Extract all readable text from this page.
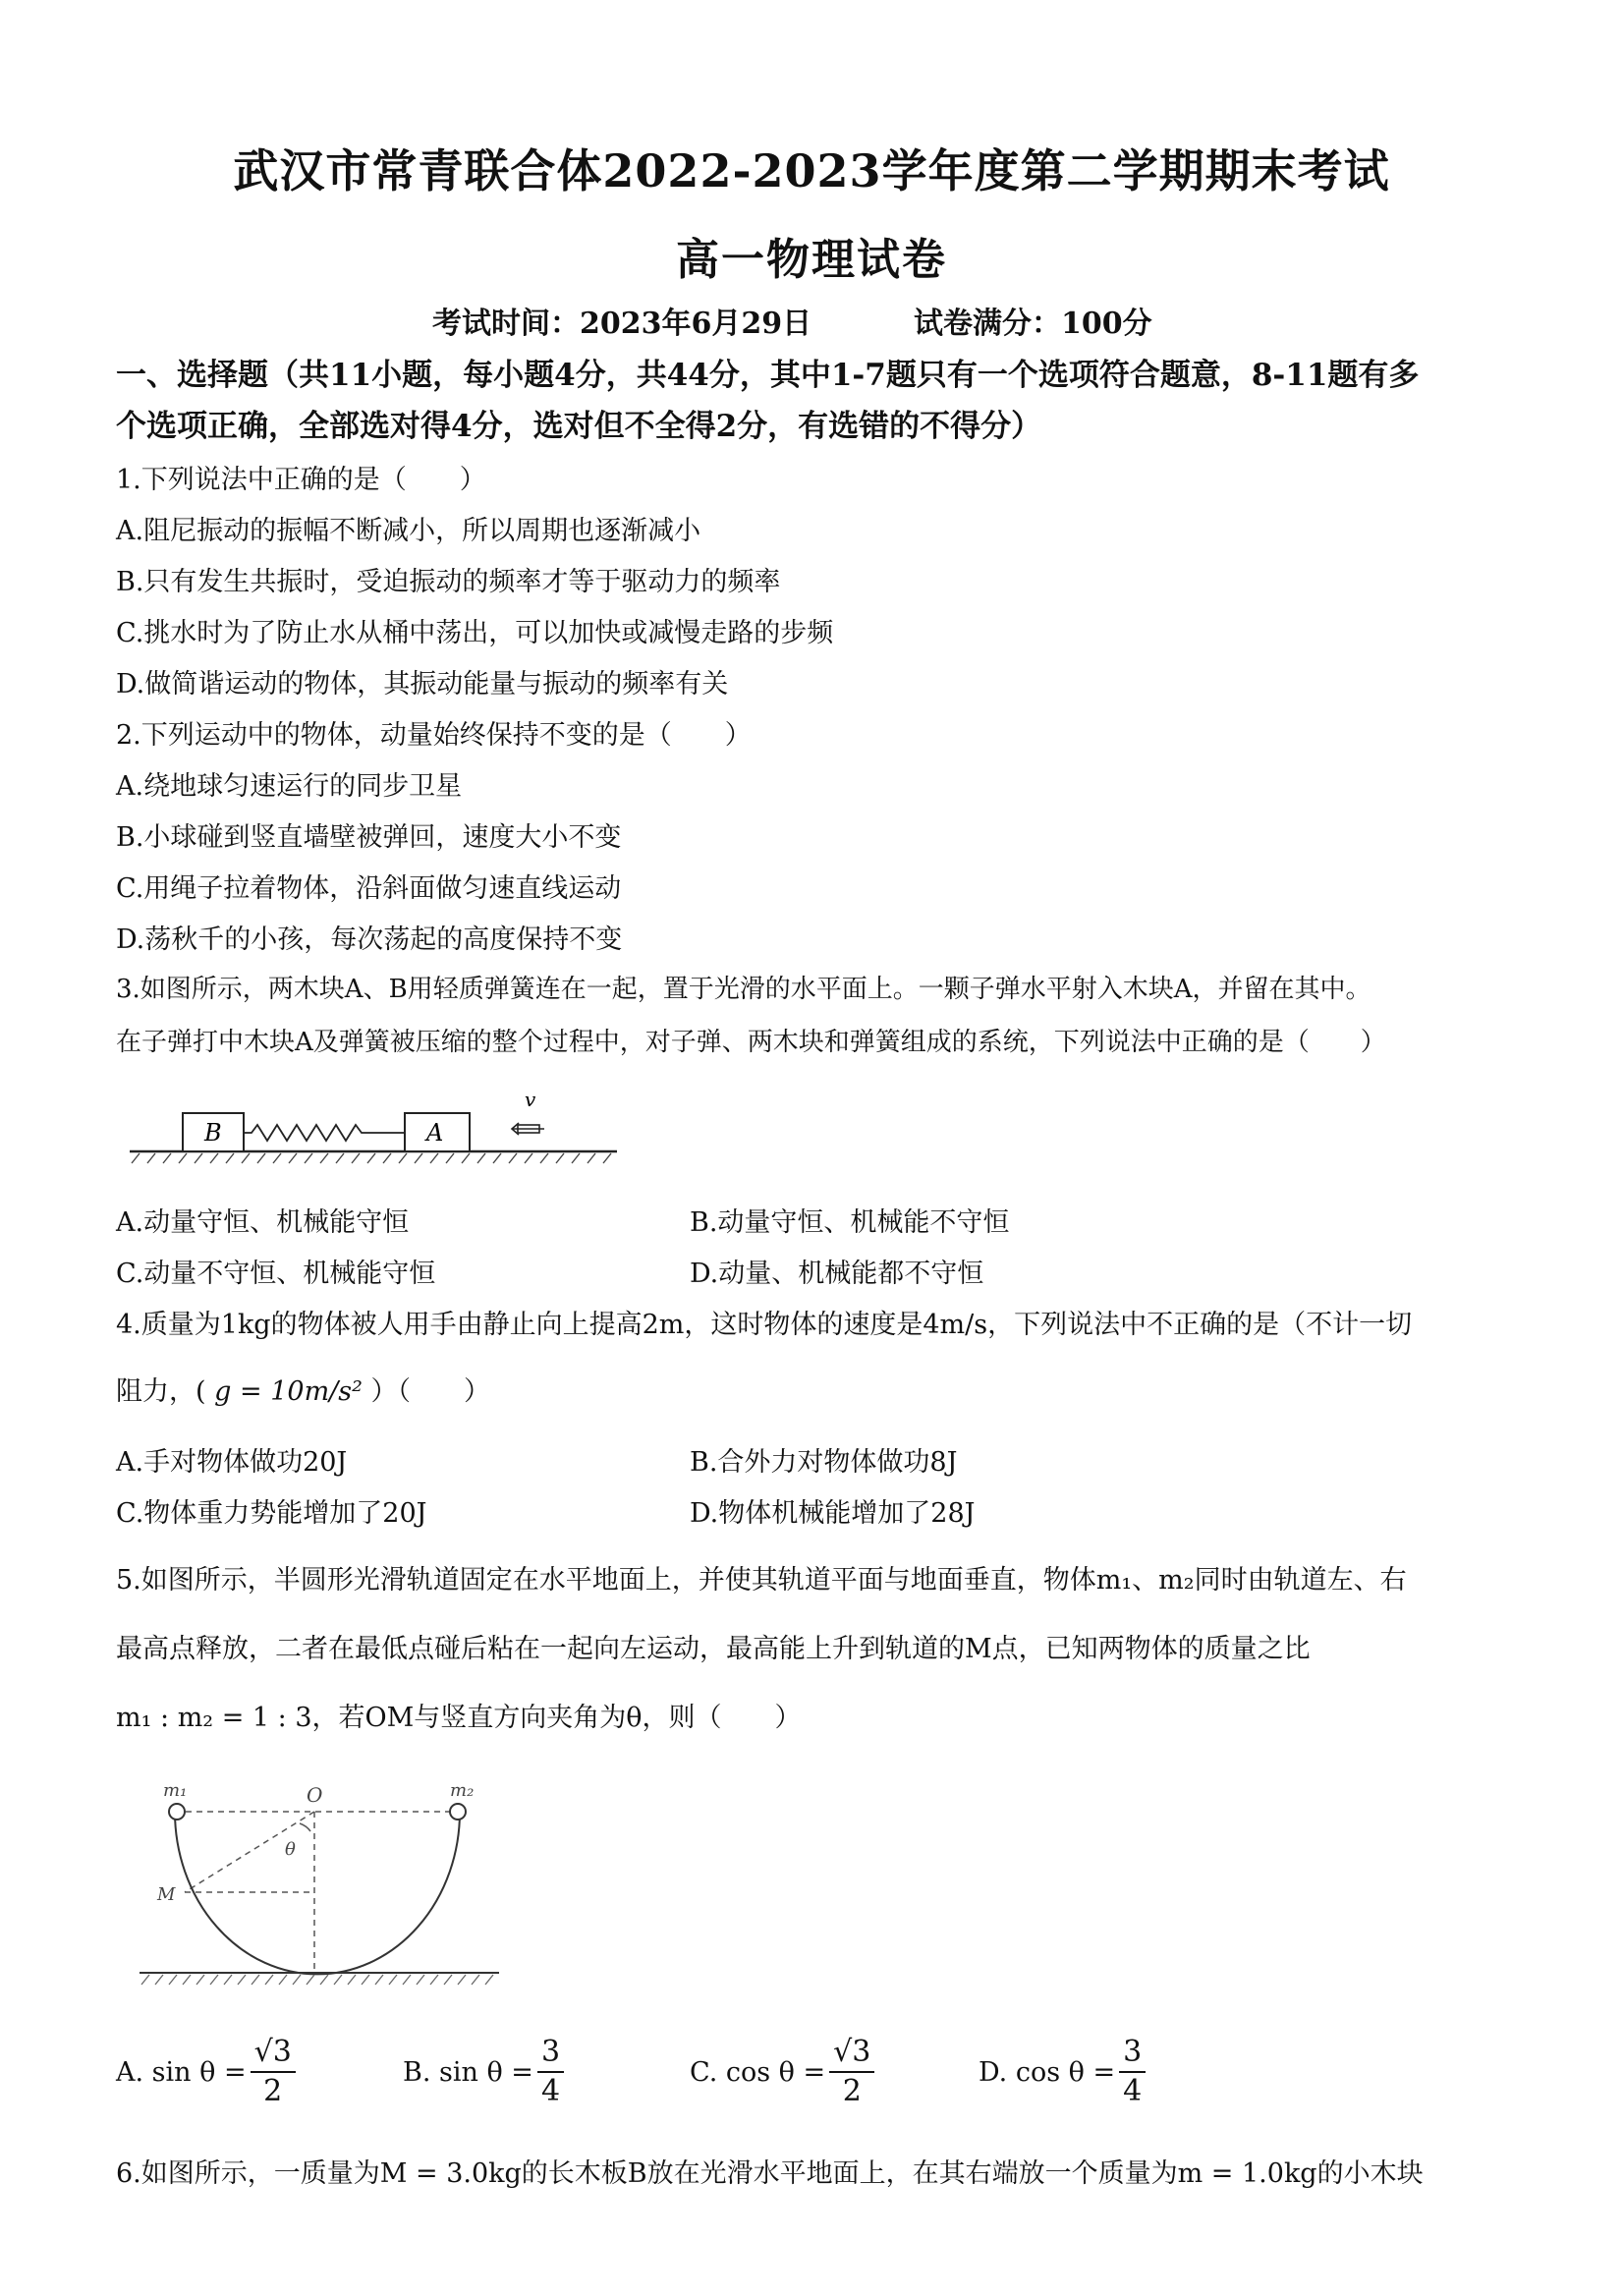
武汉市常青联合体2022-2023学年度第二学期期末考试
高一物理试卷
考试时间：2023年6月29日	试卷满分：100分
一、选择题（共11小题，每小题4分，共44分，其中1-7题只有一个选项符合题意，8-11题有多
个选项正确，全部选对得4分，选对但不全得2分，有选错的不得分）
1.下列说法中正确的是（　　）
A.阻尼振动的振幅不断减小，所以周期也逐渐减小
B.只有发生共振时，受迫振动的频率才等于驱动力的频率
C.挑水时为了防止水从桶中荡出，可以加快或减慢走路的步频
D.做简谐运动的物体，其振动能量与振动的频率有关
2.下列运动中的物体，动量始终保持不变的是（　　）
A.绕地球匀速运行的同步卫星
B.小球碰到竖直墙壁被弹回，速度大小不变
C.用绳子拉着物体，沿斜面做匀速直线运动
D.荡秋千的小孩，每次荡起的高度保持不变
3.如图所示，两木块A、B用轻质弹簧连在一起，置于光滑的水平面上。一颗子弹水平射入木块A，并留在其中。
在子弹打中木块A及弹簧被压缩的整个过程中，对子弹、两木块和弹簧组成的系统，下列说法中正确的是（　　）
B	A
v
A.动量守恒、机械能守恒	B.动量守恒、机械能不守恒
C.动量不守恒、机械能守恒	D.动量、机械能都不守恒
4.质量为1kg的物体被人用手由静止向上提高2m，这时物体的速度是4m/s，下列说法中不正确的是（不计一切
阻力，( g = 10m/s² ）（　　）
A.手对物体做功20J	B.合外力对物体做功8J
C.物体重力势能增加了20J	D.物体机械能增加了28J
5.如图所示，半圆形光滑轨道固定在水平地面上，并使其轨道平面与地面垂直，物体m₁、m₂同时由轨道左、右
最高点释放，二者在最低点碰后粘在一起向左运动，最高能上升到轨道的M点，已知两物体的质量之比
m₁ : m₂ = 1 : 3，若OM与竖直方向夹角为θ，则（　　）
m₁	m₂
O
θ
M
A. $\sin \theta = \frac{√3}{2}$	B. $\sin \theta = \frac{3}{4}$	C. $\cos \theta = \frac{√3}{2}$	D. $\cos \theta = \frac{3}{4}$
6.如图所示，一质量为M = 3.0kg的长木板B放在光滑水平地面上，在其右端放一个质量为m = 1.0kg的小木块
